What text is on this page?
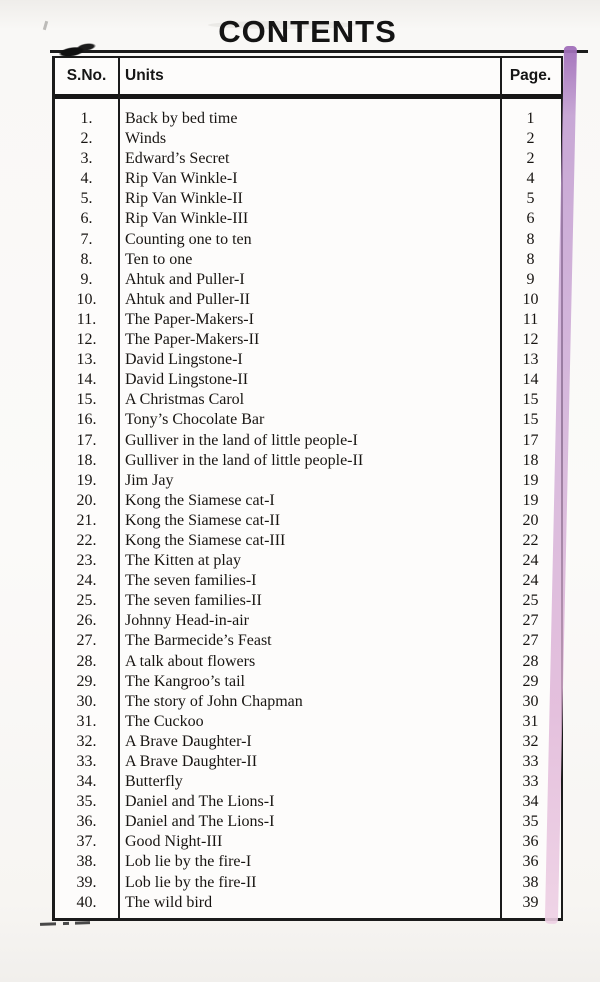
CONTENTS
S.No.	Units	Page.
1.	Back by bed time	1
2.	Winds	2
3.	Edward’s Secret	2
4.	Rip Van Winkle-I	4
5.	Rip Van Winkle-II	5
6.	Rip Van Winkle-III	6
7.	Counting one to ten	8
8.	Ten to one	8
9.	Ahtuk and Puller-I	9
10.	Ahtuk and Puller-II	10
11.	The Paper-Makers-I	11
12.	The Paper-Makers-II	12
13.	David Lingstone-I	13
14.	David Lingstone-II	14
15.	A Christmas Carol	15
16.	Tony’s Chocolate Bar	15
17.	Gulliver in the land of little people-I	17
18.	Gulliver in the land of little people-II	18
19.	Jim Jay	19
20.	Kong the Siamese cat-I	19
21.	Kong the Siamese cat-II	20
22.	Kong the Siamese cat-III	22
23.	The Kitten at play	24
24.	The seven families-I	24
25.	The seven families-II	25
26.	Johnny Head-in-air	27
27.	The Barmecide’s Feast	27
28.	A talk about flowers	28
29.	The Kangroo’s tail	29
30.	The story of John Chapman	30
31.	The Cuckoo	31
32.	A Brave Daughter-I	32
33.	A Brave Daughter-II	33
34.	Butterfly	33
35.	Daniel and The Lions-I	34
36.	Daniel and The Lions-I	35
37.	Good Night-III	36
38.	Lob lie by the fire-I	36
39.	Lob lie by the fire-II	38
40.	The wild bird	39
